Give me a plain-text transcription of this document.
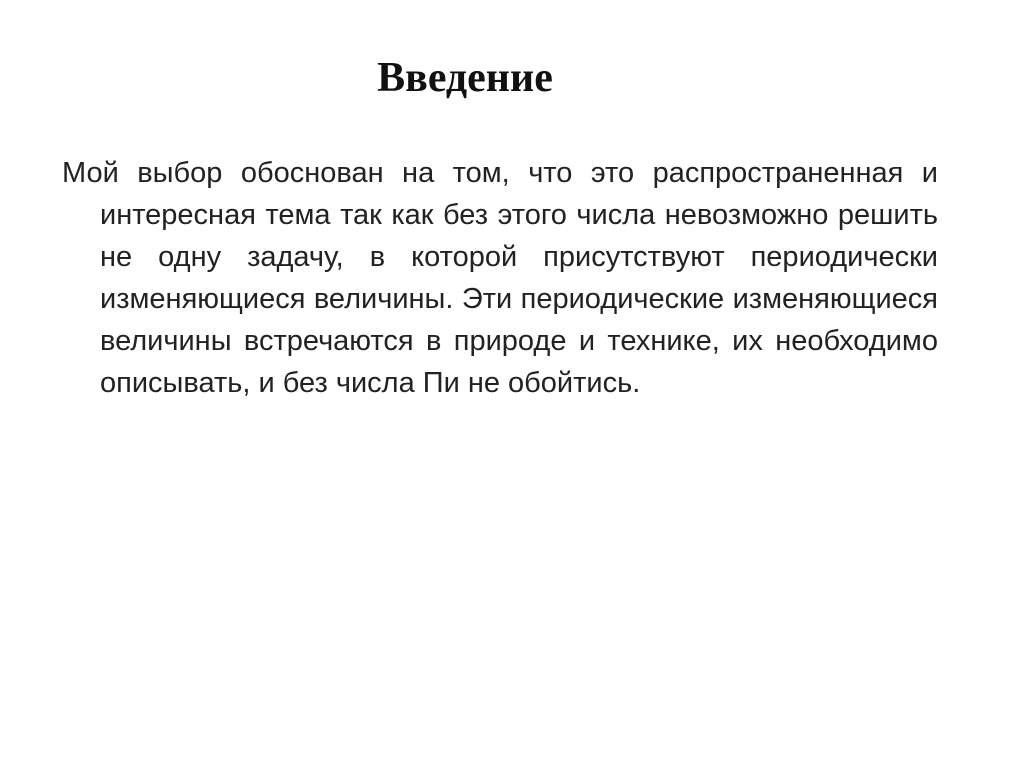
Введение

Мой выбор обоснован на том, что это распространенная и интересная тема так как без этого числа невозможно решить не одну задачу, в которой присутствуют периодически изменяющиеся величины. Эти периодические изменяющиеся величины встречаются в природе и технике, их необходимо описывать, и без числа Пи не обойтись.
